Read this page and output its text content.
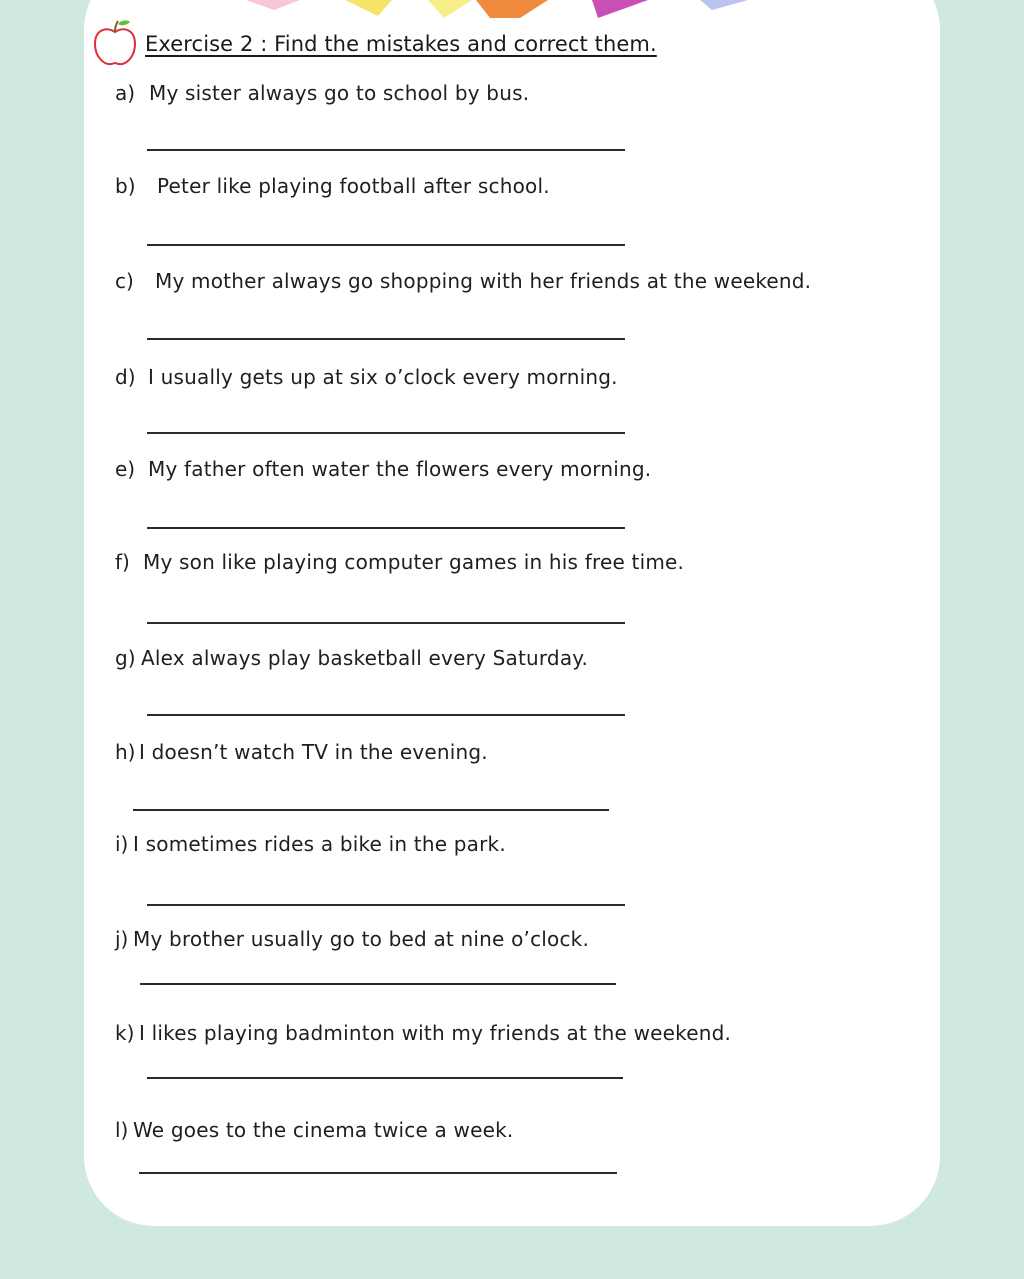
Exercise 2 : Find the mistakes and correct them.
a) My sister always go to school by bus.
b) Peter like playing football after school.
c) My mother always go shopping with her friends at the weekend.
d) I usually gets up at six o’clock every morning.
e) My father often water the flowers every morning.
f) My son like playing computer games in his free time.
g) Alex always play basketball every Saturday.
h) I doesn’t watch TV in the evening.
i) I sometimes rides a bike in the park.
j) My brother usually go to bed at nine o’clock.
k) I likes playing badminton with my friends at the weekend.
l) We goes to the cinema twice a week.
